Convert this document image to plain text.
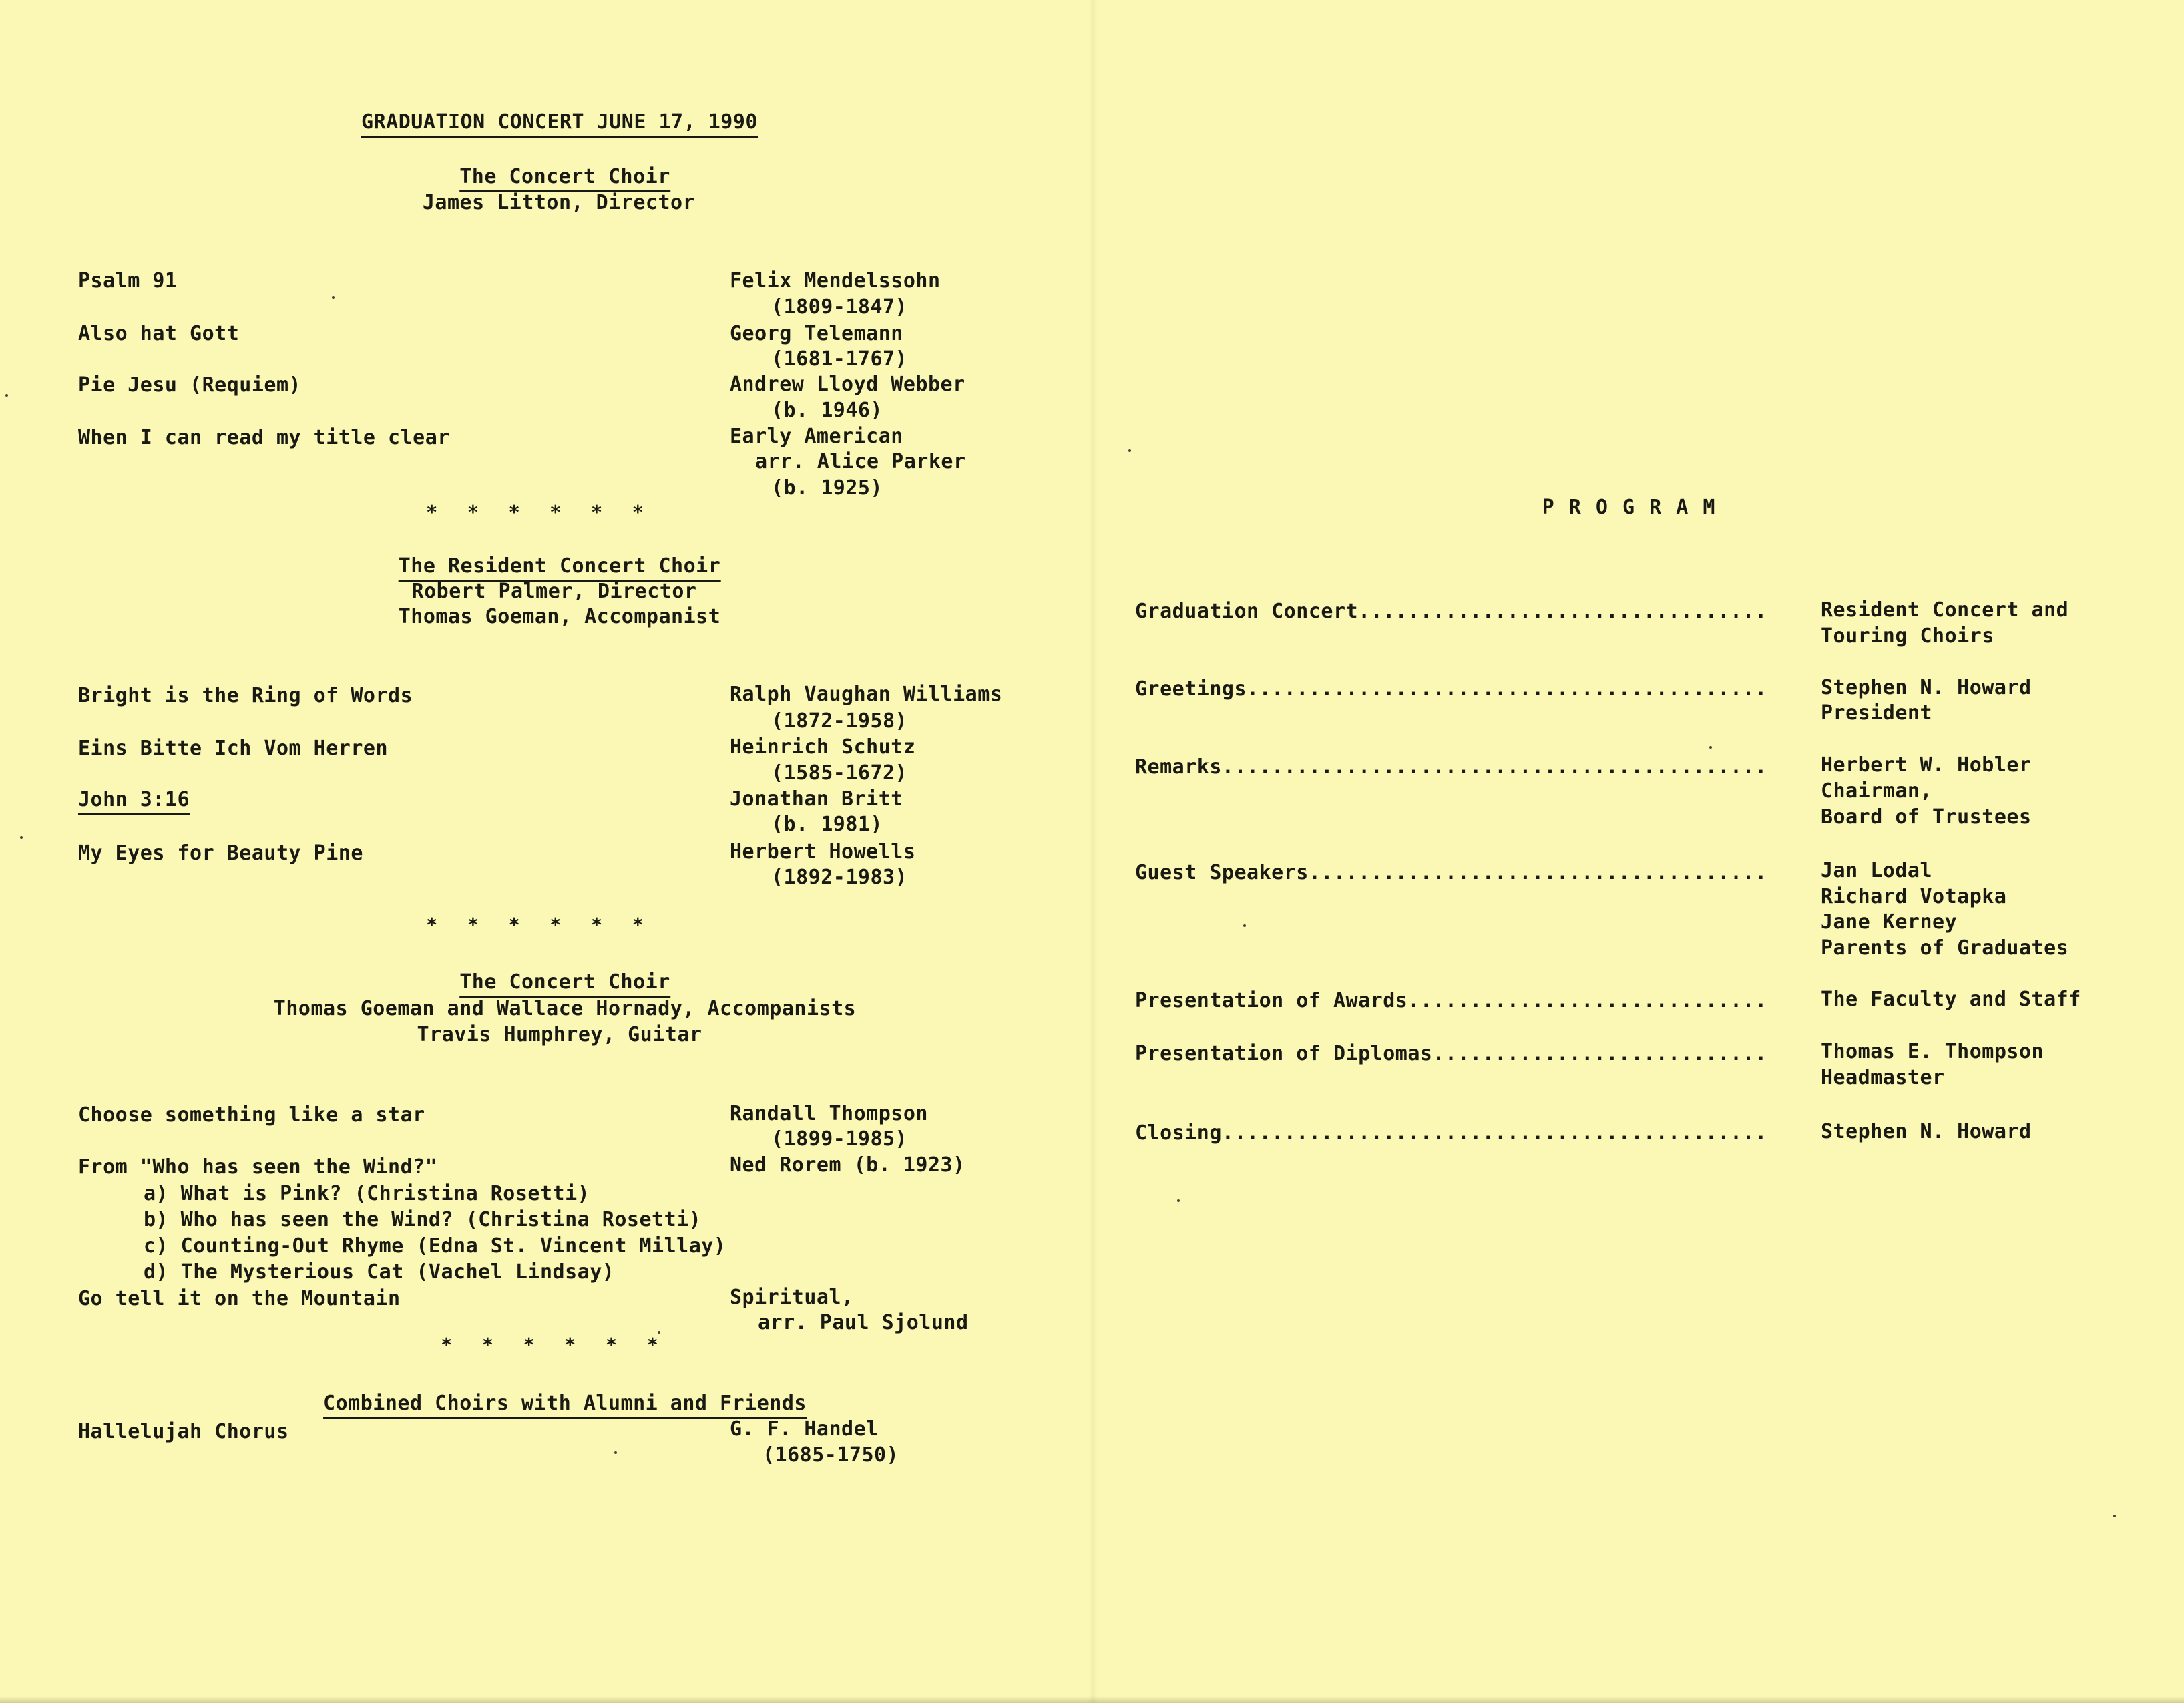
GRADUATION CONCERT JUNE 17, 1990
The Concert Choir
James Litton, Director
Psalm 91	Felix Mendelssohn
(1809-1847)
Also hat Gott	Georg Telemann
(1681-1767)
Pie Jesu (Requiem)	Andrew Lloyd Webber
(b. 1946)
When I can read my title clear	Early American
arr. Alice Parker
(b. 1925)
* * * * * *
The Resident Concert Choir
Robert Palmer, Director
Thomas Goeman, Accompanist
Bright is the Ring of Words	Ralph Vaughan Williams
(1872-1958)
Eins Bitte Ich Vom Herren	Heinrich Schutz
(1585-1672)
John 3:16	Jonathan Britt
(b. 1981)
My Eyes for Beauty Pine	Herbert Howells
(1892-1983)
* * * * * *
The Concert Choir
Thomas Goeman and Wallace Hornady, Accompanists
Travis Humphrey, Guitar
Choose something like a star	Randall Thompson
(1899-1985)
From "Who has seen the Wind?"	Ned Rorem (b. 1923)
a) What is Pink? (Christina Rosetti)
b) Who has seen the Wind? (Christina Rosetti)
c) Counting-Out Rhyme (Edna St. Vincent Millay)
d) The Mysterious Cat (Vachel Lindsay)
Go tell it on the Mountain	Spiritual,
arr. Paul Sjolund
* * * * * *
Combined Choirs with Alumni and Friends
Hallelujah Chorus	G. F. Handel
(1685-1750)
P R O G R A M
Graduation Concert.................................	Resident Concert and
Touring Choirs
Greetings..........................................	Stephen N. Howard
President
Remarks............................................	Herbert W. Hobler
Chairman,
Board of Trustees
Guest Speakers.....................................	Jan Lodal
Richard Votapka
Jane Kerney
Parents of Graduates
Presentation of Awards.............................	The Faculty and Staff
Presentation of Diplomas...........................	Thomas E. Thompson
Headmaster
Closing............................................	Stephen N. Howard
